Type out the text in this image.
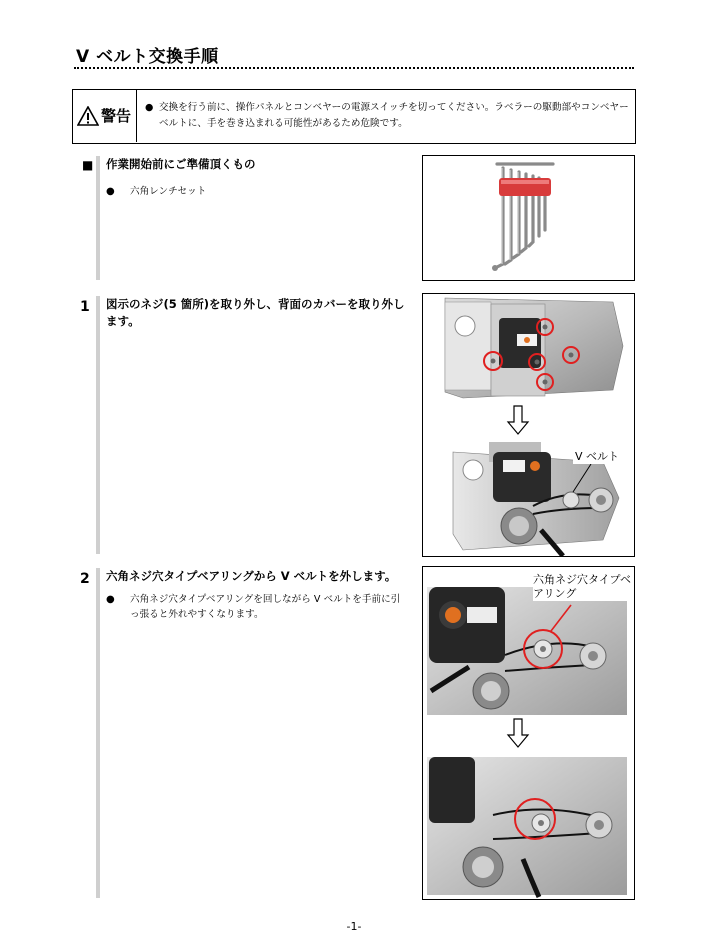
V ベルト交換手順
警告 ● 交換を行う前に、操作パネルとコンベヤーの電源スイッチを切ってください。ラベラーの駆動部やコンベヤーベルトに、手を巻き込まれる可能性があるため危険です。
■ 作業開始前にご準備頂くもの
● 六角レンチセット
1 図示のネジ(5 箇所)を取り外し、背面のカバーを取り外します。
V ベルト
2 六角ネジ穴タイプベアリングから V ベルトを外します。
● 六角ネジ穴タイプベアリングを回しながら V ベルトを手前に引っ張ると外れやすくなります。
六角ネジ穴タイプベアリング
-1-
